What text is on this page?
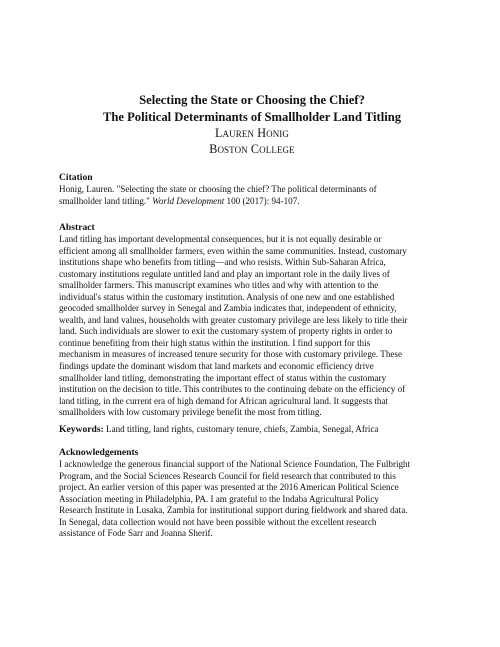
Selecting the State or Choosing the Chief?
The Political Determinants of Smallholder Land Titling
Lauren Honig
Boston College
Citation
Honig, Lauren. "Selecting the state or choosing the chief? The political determinants of
smallholder land titling." World Development 100 (2017): 94-107.
Abstract
Land titling has important developmental consequences, but it is not equally desirable or
efficient among all smallholder farmers, even within the same communities. Instead, customary
institutions shape who benefits from titling—and who resists. Within Sub-Saharan Africa,
customary institutions regulate untitled land and play an important role in the daily lives of
smallholder farmers. This manuscript examines who titles and why with attention to the
individual's status within the customary institution. Analysis of one new and one established
geocoded smallholder survey in Senegal and Zambia indicates that, independent of ethnicity,
wealth, and land values, households with greater customary privilege are less likely to title their
land. Such individuals are slower to exit the customary system of property rights in order to
continue benefiting from their high status within the institution. I find support for this
mechanism in measures of increased tenure security for those with customary privilege. These
findings update the dominant wisdom that land markets and economic efficiency drive
smallholder land titling, demonstrating the important effect of status within the customary
institution on the decision to title. This contributes to the continuing debate on the efficiency of
land titling, in the current era of high demand for African agricultural land. It suggests that
smallholders with low customary privilege benefit the most from titling.
Keywords: Land titling, land rights, customary tenure, chiefs, Zambia, Senegal, Africa
Acknowledgements
I acknowledge the generous financial support of the National Science Foundation, The Fulbright
Program, and the Social Sciences Research Council for field research that contributed to this
project. An earlier version of this paper was presented at the 2016 American Political Science
Association meeting in Philadelphia, PA. I am grateful to the Indaba Agricultural Policy
Research Institute in Lusaka, Zambia for institutional support during fieldwork and shared data.
In Senegal, data collection would not have been possible without the excellent research
assistance of Fode Sarr and Joanna Sherif.
